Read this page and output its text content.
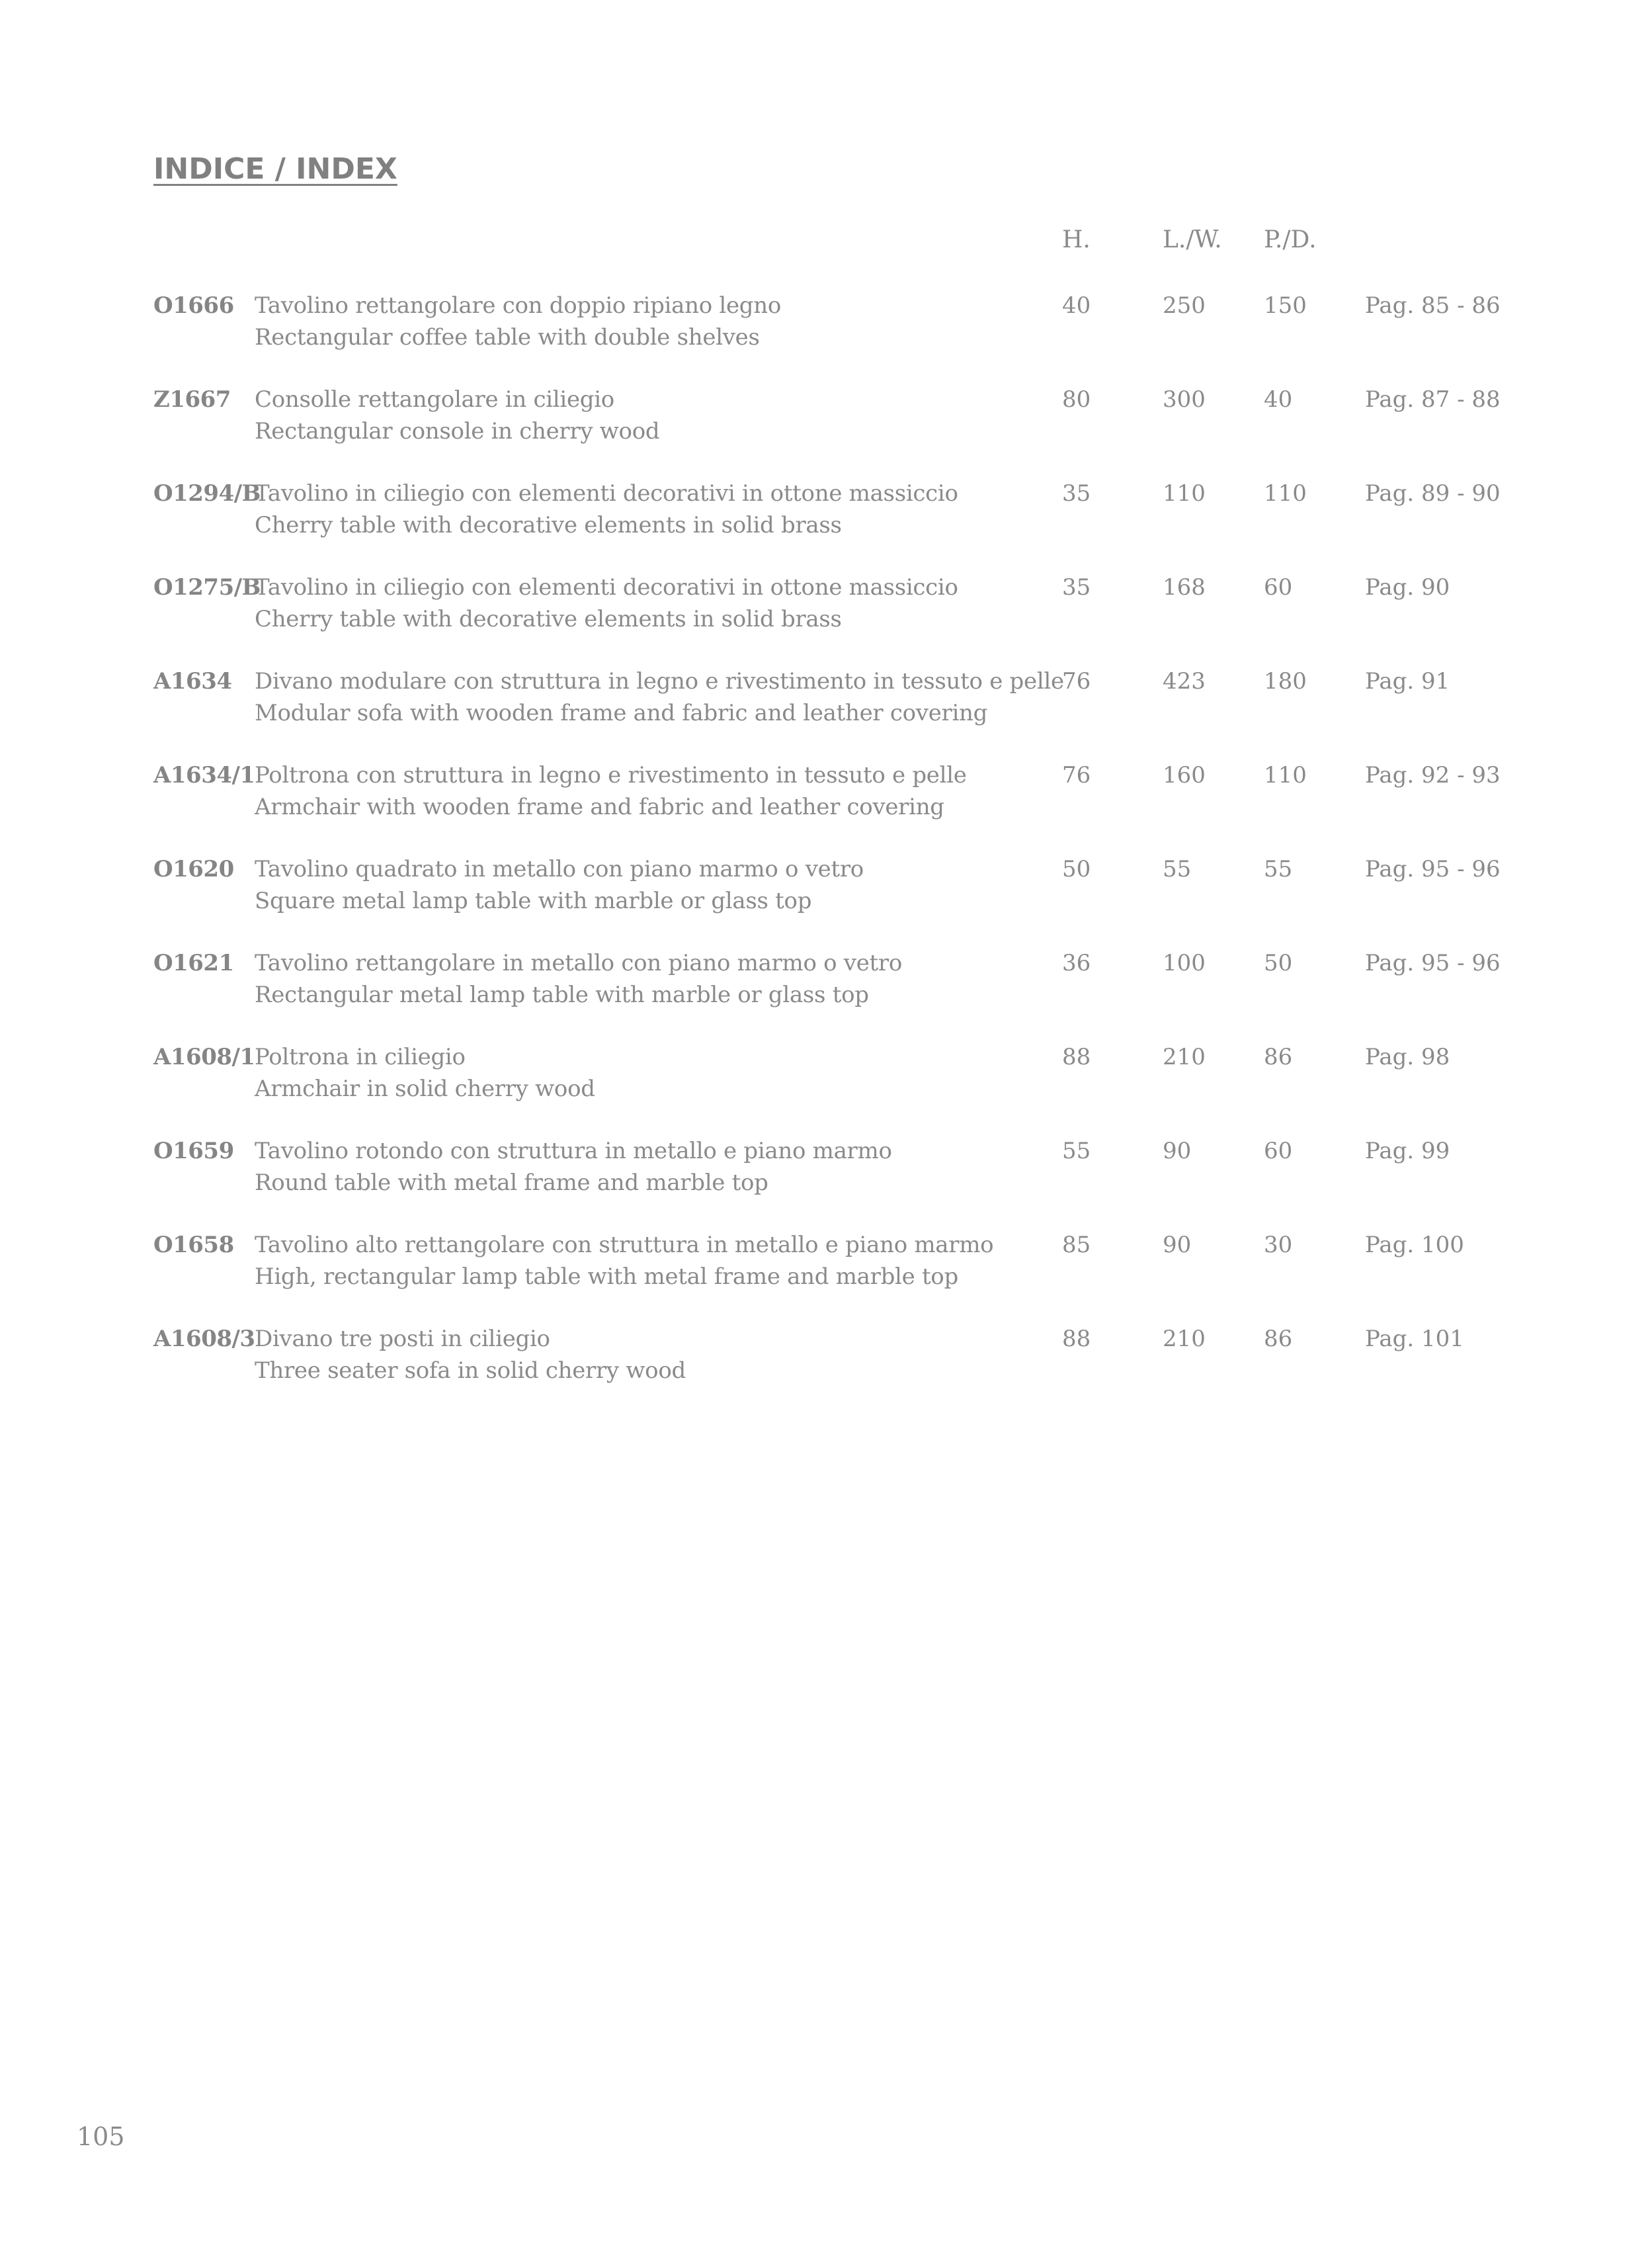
INDICE / INDEX
H.	L./W. P./D.
O1666 Tavolino rettangolare con doppio ripiano legno
Rectangular coffee table with double shelves
40	250	150	Pag. 85 - 86
Z1667 Consolle rettangolare in ciliegio
Rectangular console in cherry wood
80	300	40	Pag. 87 - 88
O1294/B
Tavolino in ciliegio con elementi decorativi in ottone massiccio
Cherry table with decorative elements in solid brass
35	110	110	Pag. 89 - 90
O1275/B
Tavolino in ciliegio con elementi decorativi in ottone massiccio
Cherry table with decorative elements in solid brass
35	168	60	Pag. 90
A1634 Divano modulare con struttura in legno e rivestimento in tessuto e pelle
Modular sofa with wooden frame and fabric and leather covering
76	423	180	Pag. 91
A1634/1 Poltrona con struttura in legno e rivestimento in tessuto e pelle
Armchair with wooden frame and fabric and leather covering
76	160	110	Pag. 92 - 93
O1620 Tavolino quadrato in metallo con piano marmo o vetro
Square metal lamp table with marble or glass top
50	55	55	Pag. 95 - 96
O1621 Tavolino rettangolare in metallo con piano marmo o vetro
Rectangular metal lamp table with marble or glass top
36	100	50	Pag. 95 - 96
A1608/1 Poltrona in ciliegio
Armchair in solid cherry wood
88	210	86	Pag. 98
O1659 Tavolino rotondo con struttura in metallo e piano marmo
Round table with metal frame and marble top
55	90	60	Pag. 99
O1658 Tavolino alto rettangolare con struttura in metallo e piano marmo
High, rectangular lamp table with metal frame and marble top
85	90	30	Pag. 100
A1608/3 Divano tre posti in ciliegio
Three seater sofa in solid cherry wood
88	210	86	Pag. 101
105
